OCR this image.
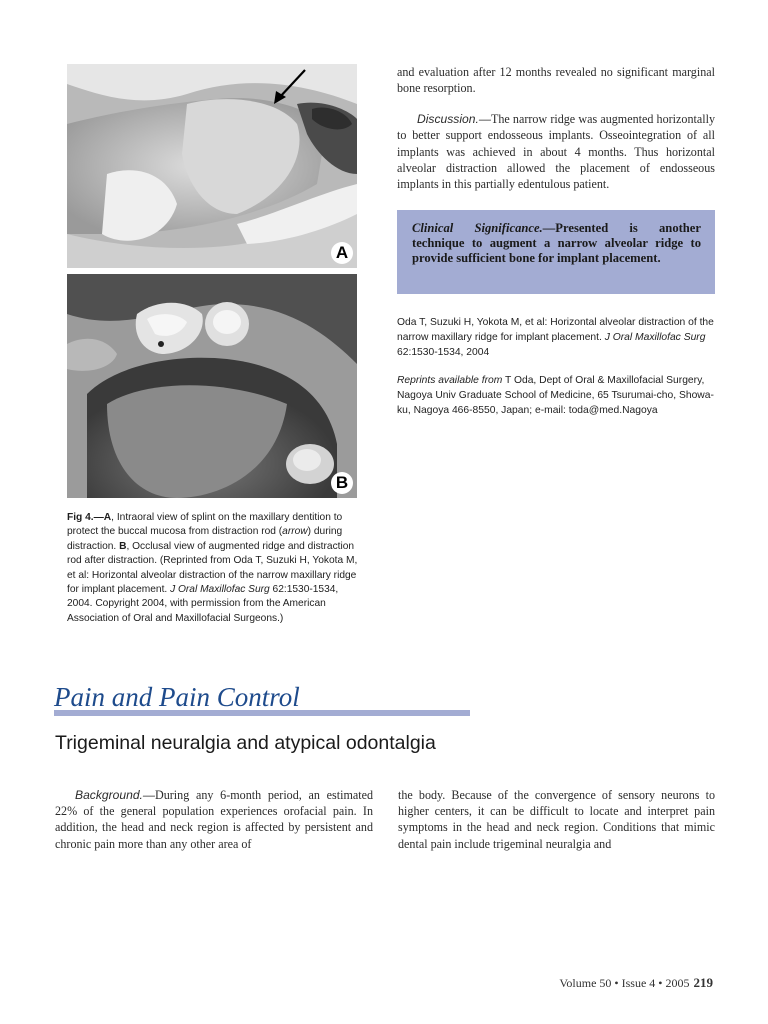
A
B
Fig 4.—A, Intraoral view of splint on the maxillary dentition to protect the buccal mucosa from distraction rod (arrow) during distraction. B, Occlusal view of augmented ridge and distraction rod after distraction. (Reprinted from Oda T, Suzuki H, Yokota M, et al: Horizontal alveolar distraction of the narrow maxillary ridge for implant placement. J Oral Maxillofac Surg 62:1530-1534, 2004. Copyright 2004, with permission from the American Association of Oral and Maxillofacial Surgeons.)
and evaluation after 12 months revealed no significant marginal bone resorption.
Discussion.—The narrow ridge was augmented horizontally to better support endosseous implants. Osseointegration of all implants was achieved in about 4 months. Thus horizontal alveolar distraction allowed the placement of endosseous implants in this partially edentulous patient.
Clinical Significance.—Presented is another technique to augment a narrow alveolar ridge to provide sufficient bone for implant placement.
Oda T, Suzuki H, Yokota M, et al: Horizontal alveolar distraction of the narrow maxillary ridge for implant placement. J Oral Maxillofac Surg 62:1530-1534, 2004
Reprints available from T Oda, Dept of Oral & Maxillofacial Surgery, Nagoya Univ Graduate School of Medicine, 65 Tsurumai-cho, Showa-ku, Nagoya 466-8550, Japan; e-mail: toda@med.Nagoya
Pain and Pain Control
Trigeminal neuralgia and atypical odontalgia
Background.—During any 6-month period, an estimated 22% of the general population experiences orofacial pain. In addition, the head and neck region is affected by persistent and chronic pain more than any other area of
the body. Because of the convergence of sensory neurons to higher centers, it can be difficult to locate and interpret pain symptoms in the head and neck region. Conditions that mimic dental pain include trigeminal neuralgia and
Volume 50 • Issue 4 • 2005 219
